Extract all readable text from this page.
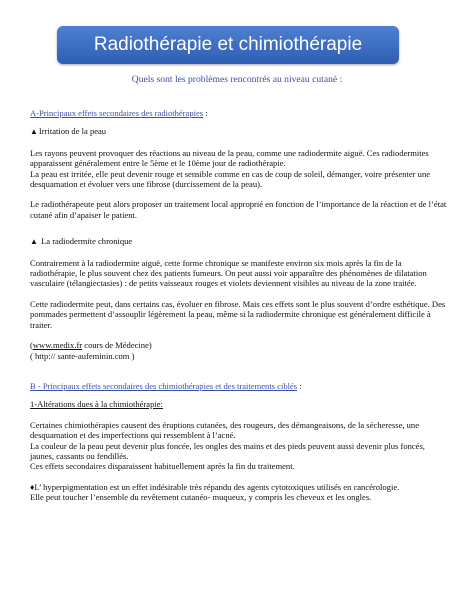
Radiothérapie et chimiothérapie
Quels sont les problèmes rencontrés au niveau cutané :
A-Principaux effets secondaires des radiothérapies :
▲Irritation de la peau
Les rayons peuvent provoquer des réactions au niveau de la peau, comme une radiodermite aiguë. Ces radiodermites apparaissent généralement entre le 5ème et le 10ème jour de radiothérapie.
La peau est irritée, elle peut devenir rouge et sensible comme en cas de coup de soleil, démanger, voire présenter une desquamation et évoluer vers une fibrose (durcissement de la peau).
Le radiothérapeute peut alors proposer un traitement local approprié en fonction de l’importance de la réaction et de l’état cutané afin d’apaiser le patient.
▲ La radiodermite chronique
Contrairement à la radiodermite aiguë, cette forme chronique se manifeste environ six mois après la fin de la radiothérapie, le plus souvent chez des patients fumeurs. On peut aussi voir apparaître des phénomènes de dilatation vasculaire (télangiectasies) : de petits vaisseaux rouges et violets deviennent visibles au niveau de la zone traitée.
Cette radiodermite peut, dans certains cas, évoluer en fibrose. Mais ces effets sont le plus souvent d’ordre esthétique. Des pommades permettent d’assouplir légèrement la peau, même si la radiodermite chronique est généralement difficile à traiter.
(www.medix.fr cours de Médecine)
( http:// sante-aufeminin.com )
B - Principaux effets secondaires des chimiothérapies et des traitements ciblés :
1-Altérations dues à la chimiothérapie:
Certaines chimiothérapies causent des éruptions cutanées, des rougeurs, des démangeaisons, de la sécheresse, une desquamation et des imperfections qui ressemblent à l’acné.
La couleur de la peau peut devenir plus foncée, les ongles des mains et des pieds peuvent aussi devenir plus foncés, jaunes, cassants ou fendillés.
Ces effets secondaires disparaissent habituellement après la fin du traitement.
♦L’ hyperpigmentation est un effet indésirable très répandu des agents cytotoxiques utilisés en cancérologie.
Elle peut toucher l’ensemble du revêtement cutanéo- muqueux, y compris les cheveux et les ongles.
